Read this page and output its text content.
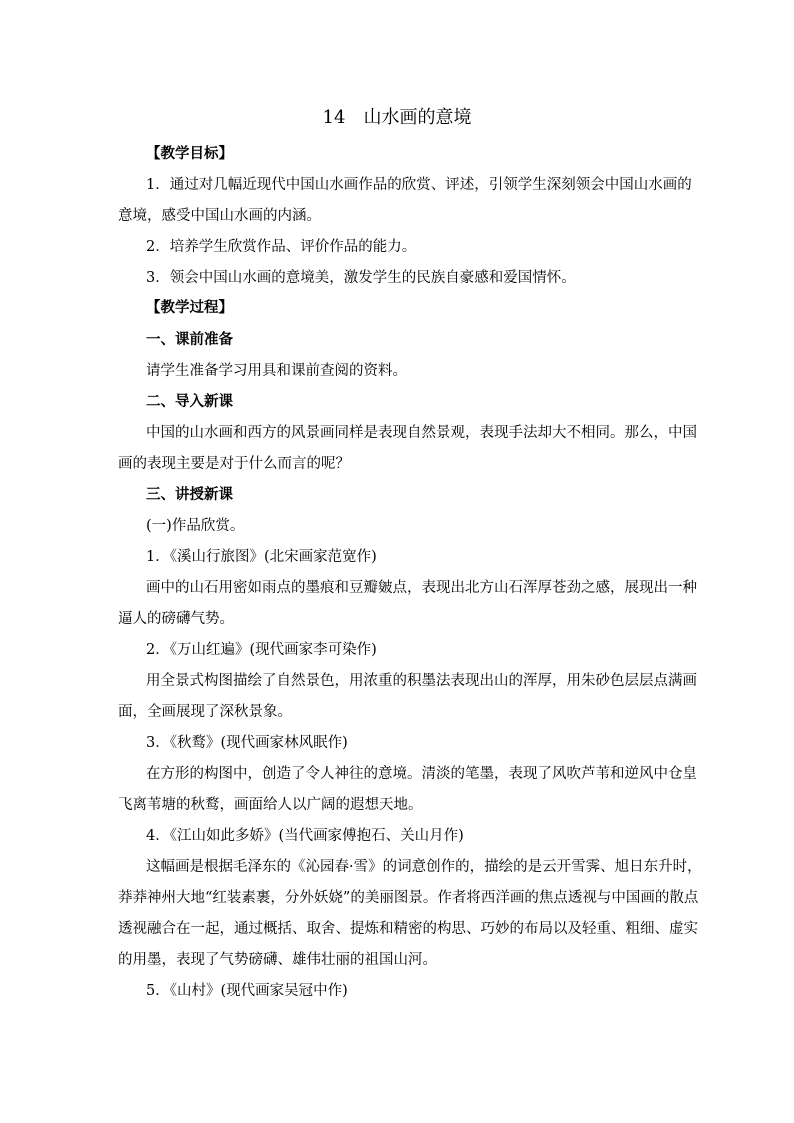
14　山水画的意境
【教学目标】
1．通过对几幅近现代中国山水画作品的欣赏、评述，引领学生深刻领会中国山水画的
意境，感受中国山水画的内涵。
2．培养学生欣赏作品、评价作品的能力。
3．领会中国山水画的意境美，激发学生的民族自豪感和爱国情怀。
【教学过程】
一、课前准备
请学生准备学习用具和课前查阅的资料。
二、导入新课
中国的山水画和西方的风景画同样是表现自然景观，表现手法却大不相同。那么，中国
画的表现主要是对于什么而言的呢？
三、讲授新课
(一)作品欣赏。
1．《溪山行旅图》(北宋画家范宽作)
画中的山石用密如雨点的墨痕和豆瓣皴点，表现出北方山石浑厚苍劲之感，展现出一种
逼人的磅礴气势。
2．《万山红遍》(现代画家李可染作)
用全景式构图描绘了自然景色，用浓重的积墨法表现出山的浑厚，用朱砂色层层点满画
面，全画展现了深秋景象。
3．《秋鹜》(现代画家林风眠作)
在方形的构图中，创造了令人神往的意境。清淡的笔墨，表现了风吹芦苇和逆风中仓皇
飞离苇塘的秋鹜，画面给人以广阔的遐想天地。
4．《江山如此多娇》(当代画家傅抱石、关山月作)
这幅画是根据毛泽东的《沁园春·雪》的词意创作的，描绘的是云开雪霁、旭日东升时，
莽莽神州大地“红装素裹，分外妖娆”的美丽图景。作者将西洋画的焦点透视与中国画的散点
透视融合在一起，通过概括、取舍、提炼和精密的构思、巧妙的布局以及轻重、粗细、虚实
的用墨，表现了气势磅礴、雄伟壮丽的祖国山河。
5．《山村》(现代画家吴冠中作)
